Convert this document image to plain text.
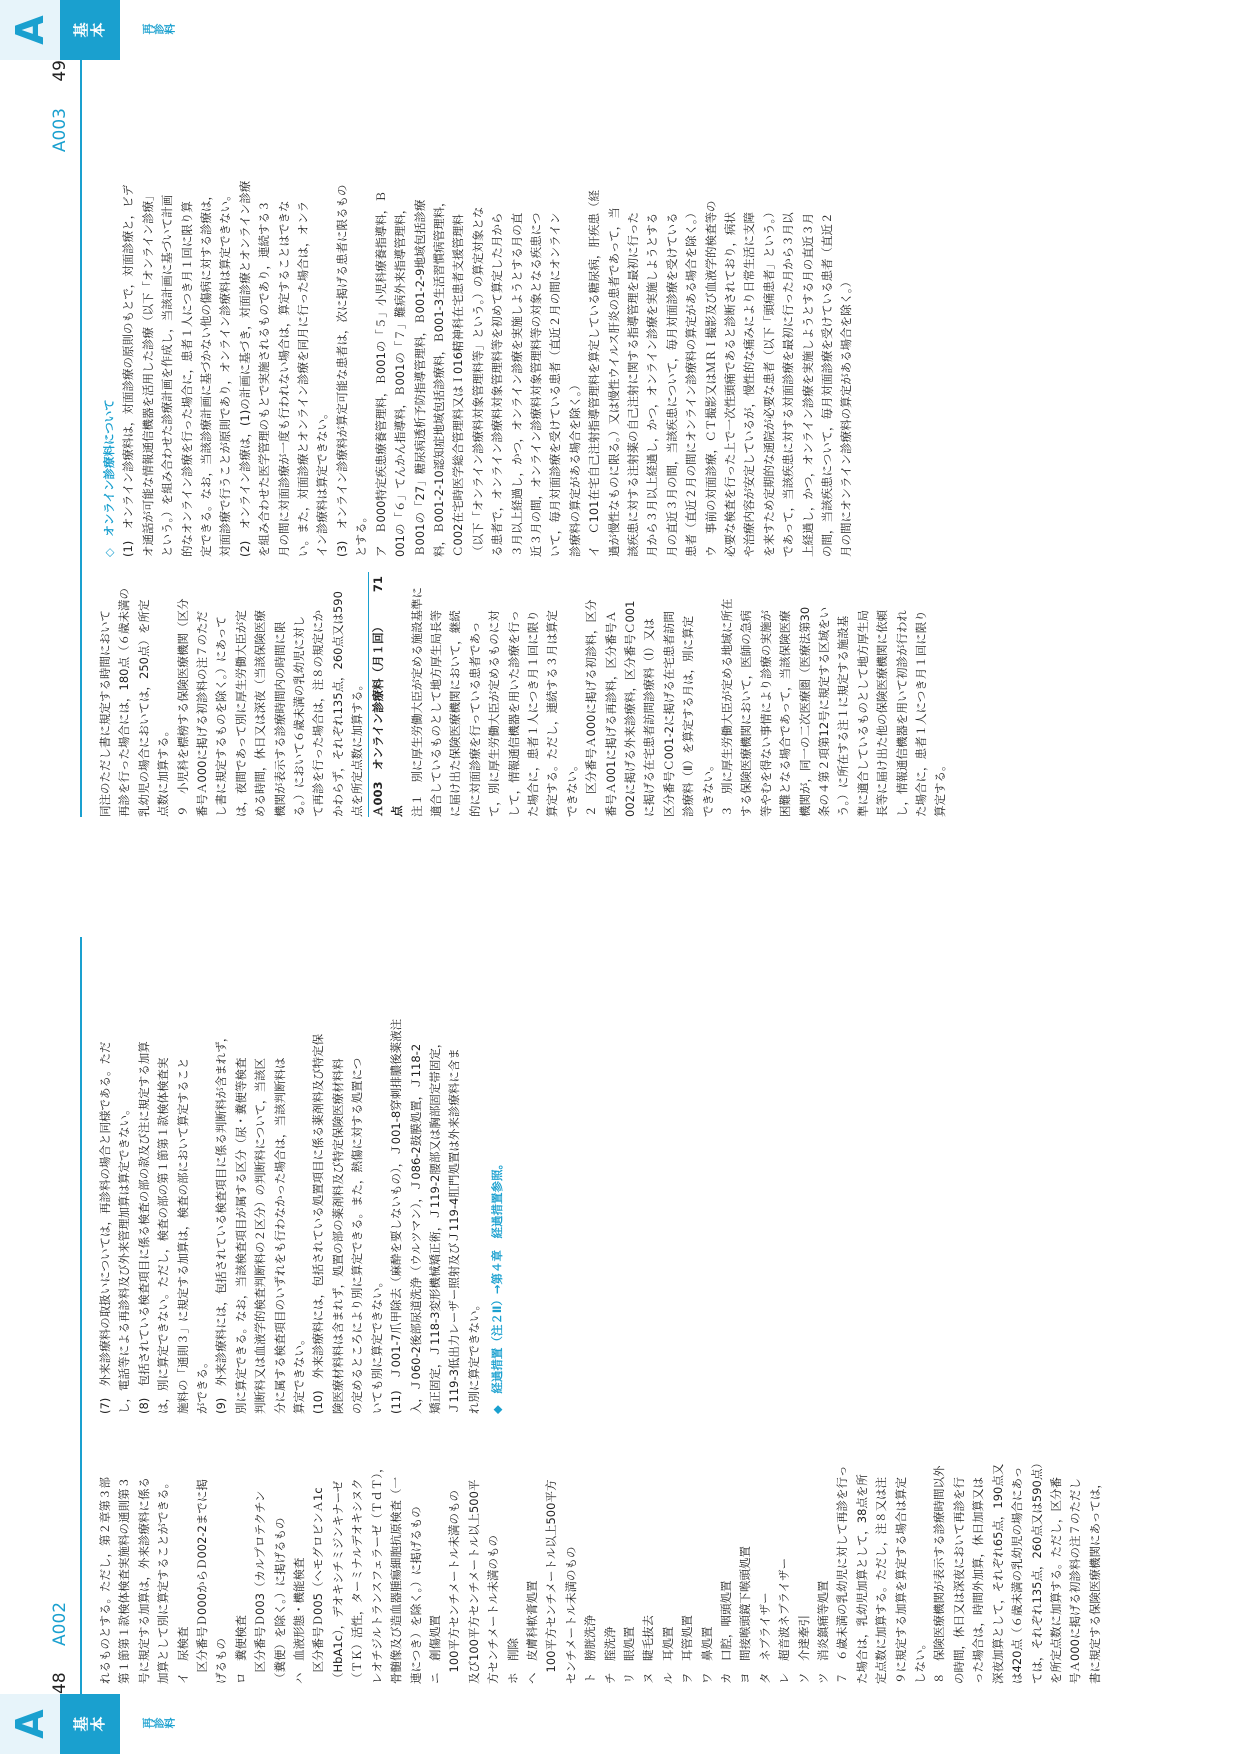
A	基本	再診料
48
A002 れるものとする。ただし，第２章第３部 第１節第１款検体検査実施料の通則第３ 号に規定する加算は，外来診療料に係る 加算として別に算定することができる。 イ　尿検査 　区分番号Ｄ000からＤ002-2までに掲 げるもの ロ　糞便検査 　区分番号Ｄ003（カルプロテクチン （糞便）を除く。）に掲げるもの ハ　血液形態・機能検査 　区分番号Ｄ005（ヘモグロビンＡ1c （HbA1c），デオキシチミジンキナーゼ （ＴＫ）活性，ターミナルデオキシヌク レオチジルトランスフェラーゼ（ＴｄＴ）， 骨髄像及び造血器腫瘍細胞抗原検査（一 連につき）を除く。）に掲げるもの ニ　創傷処置 　100平方センチメートル未満のもの 及び100平方センチメートル以上500平 方センチメートル未満のもの ホ　削除 ヘ　皮膚科軟膏処置 　100平方センチメートル以上500平方 センチメートル未満のもの ト　膀胱洗浄 チ　腟洗浄 リ　眼処置 ヌ　睫毛抜去 ル　耳処置 ヲ　耳管処置 ワ　鼻処置 カ　口腔，咽頭処置 ヨ　間接喉頭鏡下喉頭処置 タ　ネブライザー レ　超音波ネブライザー ソ　介達牽引 ツ　消炎鎮痛等処置 ７　６歳未満の乳幼児に対して再診を行っ た場合は，乳幼児加算として，38点を所 定点数に加算する。ただし，注８又は注 ９に規定する加算を算定する場合は算定 しない。 ８　保険医療機関が表示する診療時間以外 の時間，休日又は深夜において再診を行 った場合は，時間外加算，休日加算又は 深夜加算として，それぞれ65点，190点又 は420点（６歳未満の乳幼児の場合にあっ ては，それぞれ135点，260点又は590点） を所定点数に加算する。ただし，区分番 号Ａ000に掲げる初診料の注７のただし 書に規定する保険医療機関にあっては，

(7)　外来診療料の取扱いについては，再診料の場合と同様である。ただ し，電話等による再診料及び外来管理加算は算定できない。 (8)　包括されている検査項目に係る検査の部の款及び注に規定する加算 は，別に算定できない。ただし，検査の部の第１節第１款検体検査実 施料の「通則３」に規定する加算は，検査の部において算定すること ができる。 (9)　外来診療料には，包括されている検査項目に係る判断料が含まれず， 別に算定できる。なお，当該検査項目が属する区分（尿・糞便等検査 判断料又は血液学的検査判断料の２区分）の判断料について，当該区 分に属する検査項目のいずれをも行わなかった場合は，当該判断料は 算定できない。 (10)　外来診療料には，包括されている処置項目に係る薬剤料及び特定保 険医療材料料は含まれず，処置の部の薬剤料及び特定保険医療材料料 の定めるところにより別に算定できる。また，熱傷に対する処置につ いても別に算定できない。 (11)　Ｊ001-7爪甲除去（麻酔を要しないもの），Ｊ001-8穿刺排膿後薬液注 入，Ｊ060-2後部尿道洗浄（ウルツマン），Ｊ086-2鼓膜処置，Ｊ118-2 矯正固定，Ｊ118-3変形機械矯正術，Ｊ119-2腰部又は胸部固定帯固定， Ｊ119-3低出力レーザー照射及びＪ119-4肛門処置は外来診療料に含ま れ別に算定できない。 ◆　経過措置（注２Ⅱ）→第４章　経過措置参照。

A	基本	再診料
A003
49

同注のただし書に規定する時間において 再診を行った場合には，180点（６歳未満の 乳幼児の場合においては，250点）を所定 点数に加算する。 ９　小児科を標榜する保険医療機関（区分 番号Ａ000に掲げる初診料の注７のただ し書に規定するものを除く。）にあって は，夜間であって別に厚生労働大臣が定 める時間，休日又は深夜（当該保険医療 機関が表示する診療時間内の時間に限 る。）において６歳未満の乳幼児に対し て再診を行った場合は，注８の規定にか かわらず，それぞれ135点，260点又は590 点を所定点数に加算する。 Ａ003　オンライン診療料（月１回）　　　71点 注１　別に厚生労働大臣が定める施設基準に 適合しているものとして地方厚生局長等 に届け出た保険医療機関において，継続 的に対面診療を行っている患者であっ て，別に厚生労働大臣が定めるものに対 して，情報通信機器を用いた診療を行っ た場合に，患者１人につき月１回に限り 算定する。ただし，連続する３月は算定 できない。 ２　区分番号Ａ000に掲げる初診料，区分 番号Ａ001に掲げる再診料，区分番号Ａ 002に掲げる外来診療料，区分番号Ｃ001 に掲げる在宅患者訪問診療料（Ⅰ）又は 区分番号Ｃ001-2に掲げる在宅患者訪問 診療料（Ⅱ）を算定する月は，別に算定 できない。 ３　別に厚生労働大臣が定める地域に所在 する保険医療機関において，医師の急病 等やむを得ない事情により診療の実施が 困難となる場合であって，当該保険医療 機関が，同一の二次医療圏（医療法第30 条の４第２項第12号に規定する区域をい う。）に所在する注１に規定する施設基 準に適合しているものとして地方厚生局 長等に届け出た他の保険医療機関に依頼 し，情報通信機器を用いて初診が行われ た場合に，患者１人につき月１回に限り 算定する。

◇　オンライン診療料について (1)　オンライン診療料は，対面診療の原則のもとで，対面診療と，ビデ オ通話が可能な情報通信機器を活用した診療（以下「オンライン診療」 という。）を組み合わせた診療計画を作成し，当該計画に基づいて計画 的なオンライン診療を行った場合に，患者１人につき月１回に限り算 定できる。なお，当該診療計画に基づかない他の傷病に対する診療は， 対面診療で行うことが原則であり，オンライン診療料は算定できない。 (2)　オンライン診療は，(1)の計画に基づき，対面診療とオンライン診療 を組み合わせた医学管理のもとで実施されるものであり，連続する３ 月の間に対面診療が一度も行われない場合は，算定することはできな い。また，対面診療とオンライン診療を同月に行った場合は，オンラ イン診療料は算定できない。 (3)　オンライン診療料が算定可能な患者は，次に掲げる患者に限るもの とする。 ア　Ｂ000特定疾患療養管理料，Ｂ001の「５」小児科療養指導料，Ｂ 001の「６」てんかん指導料，Ｂ001の「７」難病外来指導管理料， Ｂ001の「27」糖尿病透析予防指導管理料，Ｂ001-2-9地域包括診療 料，Ｂ001-2-10認知症地域包括診療料，Ｂ001-3生活習慣病管理料， Ｃ002在宅時医学総合管理料又はＩ016精神科在宅患者支援管理料 （以下「オンライン診療料対象管理料等」という。）の算定対象とな る患者で，オンライン診療料対象管理料等を初めて算定した月から ３月以上経過し，かつ，オンライン診療を実施しようとする月の直 近３月の間，オンライン診療料対象管理料等の対象となる疾患につ いて，毎月対面診療を受けている患者（直近２月の間にオンライン 診療料の算定がある場合を除く。） イ　Ｃ101在宅自己注射指導管理料を算定している糖尿病，肝疾患（経 過が慢性なものに限る。）又は慢性ウイルス肝炎の患者であって，当 該疾患に対する注射薬の自己注射に関する指導管理を最初に行った 月から３月以上経過し，かつ，オンライン診療を実施しようとする 月の直近３月の間，当該疾患について，毎月対面診療を受けている 患者（直近２月の間にオンライン診療料の算定がある場合を除く。） ウ　事前の対面診療，ＣＴ撮影又はＭＲＩ撮影及び血液学的検査等の 必要な検査を行った上で一次性頭痛であると診断されており，病状 や治療内容が安定しているが，慢性的な痛みにより日常生活に支障 を来すため定期的な通院が必要な患者（以下「頭痛患者」という。） であって，当該疾患に対する対面診療を最初に行った月から３月以 上経過し，かつ，オンライン診療を実施しようとする月の直近３月 の間，当該疾患について，毎月対面診療を受けている患者（直近２ 月の間にオンライン診療料の算定がある場合を除く。）
